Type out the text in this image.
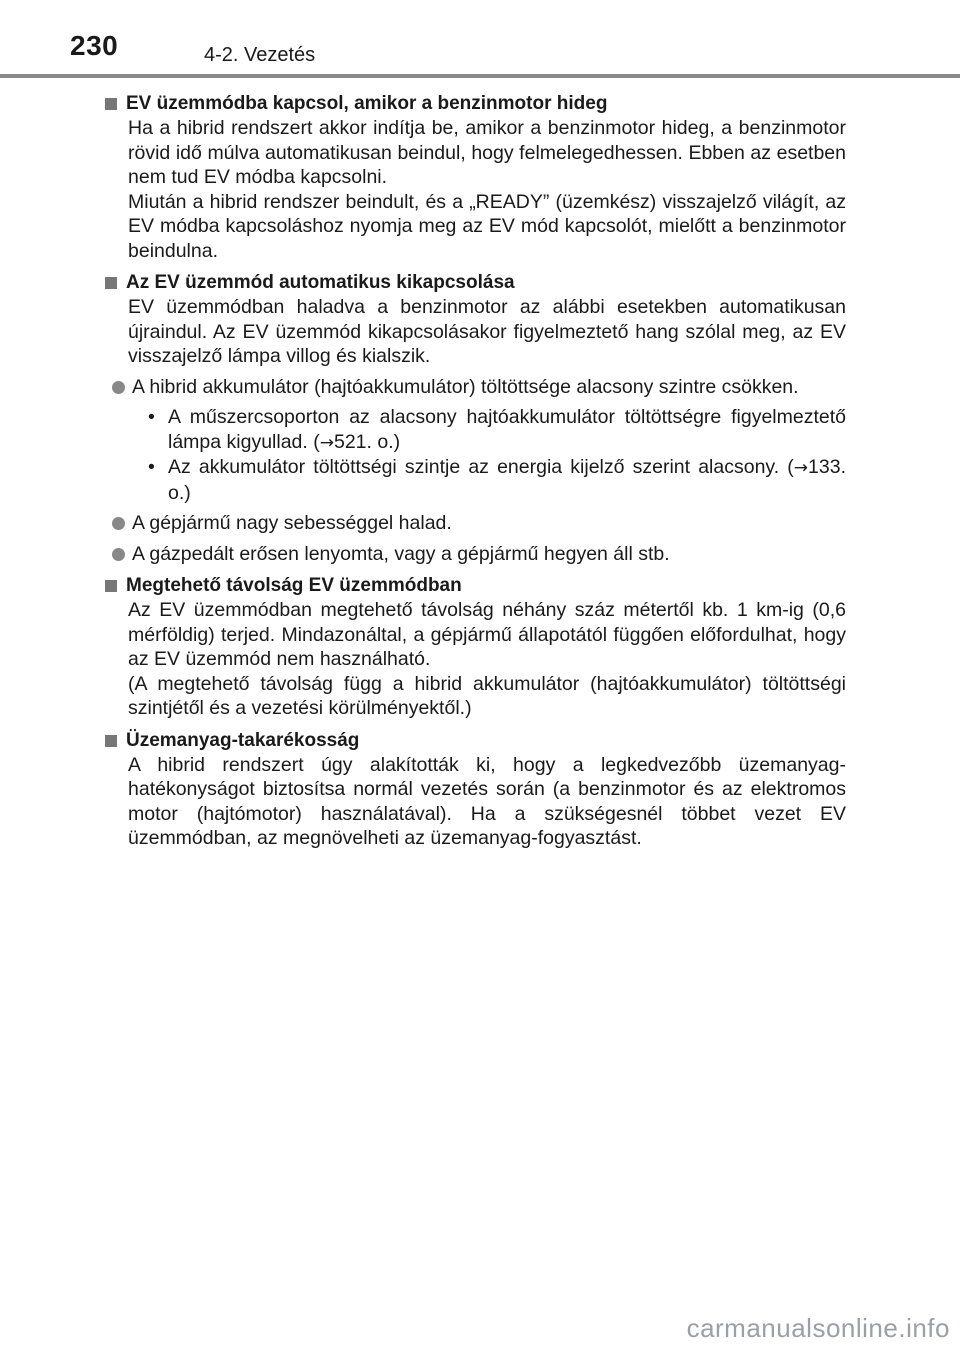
230	4-2. Vezetés
EV üzemmódba kapcsol, amikor a benzinmotor hideg
Ha a hibrid rendszert akkor indítja be, amikor a benzinmotor hideg, a benzinmotor rövid idő múlva automatikusan beindul, hogy felmelegedhessen. Ebben az esetben nem tud EV módba kapcsolni.
Miután a hibrid rendszer beindult, és a „READY” (üzemkész) visszajelző világít, az EV módba kapcsoláshoz nyomja meg az EV mód kapcsolót, mielőtt a benzinmotor beindulna.
Az EV üzemmód automatikus kikapcsolása
EV üzemmódban haladva a benzinmotor az alábbi esetekben automatikusan újraindul. Az EV üzemmód kikapcsolásakor figyelmeztető hang szólal meg, az EV visszajelző lámpa villog és kialszik.
A hibrid akkumulátor (hajtóakkumulátor) töltöttsége alacsony szintre csökken.
• A műszercsoporton az alacsony hajtóakkumulátor töltöttségre figyelmeztető lámpa kigyullad. (→521. o.)
• Az akkumulátor töltöttségi szintje az energia kijelző szerint alacsony. (→133. o.)
A gépjármű nagy sebességgel halad.
A gázpedált erősen lenyomta, vagy a gépjármű hegyen áll stb.
Megtehető távolság EV üzemmódban
Az EV üzemmódban megtehető távolság néhány száz métertől kb. 1 km-ig (0,6 mérföldig) terjed. Mindazonáltal, a gépjármű állapotától függően előfordulhat, hogy az EV üzemmód nem használható.
(A megtehető távolság függ a hibrid akkumulátor (hajtóakkumulátor) töltöttségi szintjétől és a vezetési körülményektől.)
Üzemanyag-takarékosság
A hibrid rendszert úgy alakították ki, hogy a legkedvezőbb üzemanyag-hatékonyságot biztosítsa normál vezetés során (a benzinmotor és az elektromos motor (hajtómotor) használatával). Ha a szükségesnél többet vezet EV üzemmódban, az megnövelheti az üzemanyag-fogyasztást.
carmanualsonline.info
